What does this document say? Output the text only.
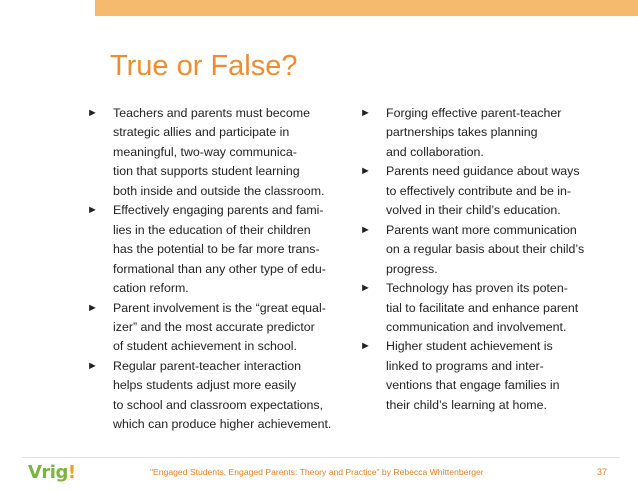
True or False?
► Teachers and parents must become
strategic allies and participate in
meaningful, two-way communica-
tion that supports student learning
both inside and outside the classroom.
► Effectively engaging parents and fami-
lies in the education of their children
has the potential to be far more trans-
formational than any other type of edu-
cation reform.
► Parent involvement is the “great equal-
izer” and the most accurate predictor
of student achievement in school.
► Regular parent-teacher interaction
helps students adjust more easily
to school and classroom expectations,
which can produce higher achievement.
► Forging effective parent-teacher
partnerships takes planning
and collaboration.
► Parents need guidance about ways
to effectively contribute and be in-
volved in their child’s education.
► Parents want more communication
on a regular basis about their child’s
progress.
► Technology has proven its poten-
tial to facilitate and enhance parent
communication and involvement.
► Higher student achievement is
linked to programs and inter-
ventions that engage families in
their child’s learning at home.
Vrig!	"Engaged Students, Engaged Parents: Theory and Practice" by Rebecca Whittenberger	37
